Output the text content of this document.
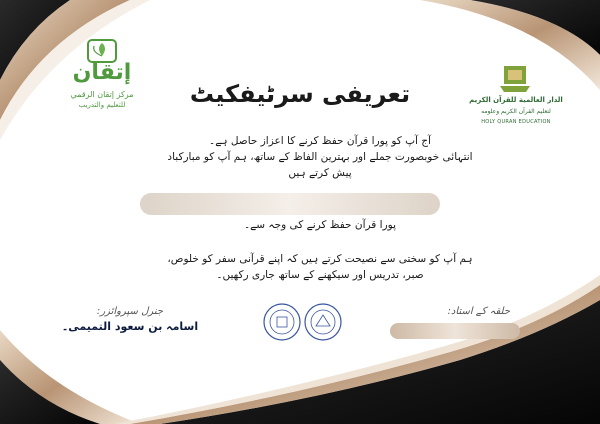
إتقان
مركز إتقان الرقمي
للتعليم والتدريب
الدار العالمية للقرآن الكريم
لتعليم القرآن الكريم وعلومه
HOLY QURAN EDUCATION
تعریفی سرٹیفکیٹ
آج آپ کو پورا قرآن حفظ کرنے کا اعزاز حاصل ہے۔
انتہائی خوبصورت جملے اور بہترین الفاظ کے ساتھ، ہم آپ کو مبارکباد
پیش کرتے ہیں
پورا قرآن حفظ کرنے کی وجہ سے۔
ہم آپ کو سختی سے نصیحت کرتے ہیں کہ اپنے قرآنی سفر کو خلوص،
صبر، تدریس اور سیکھنے کے ساتھ جاری رکھیں۔
جنرل سپروائزر:
اسامہ بن سعود التمیمی۔
حلقہ کے استاد:
